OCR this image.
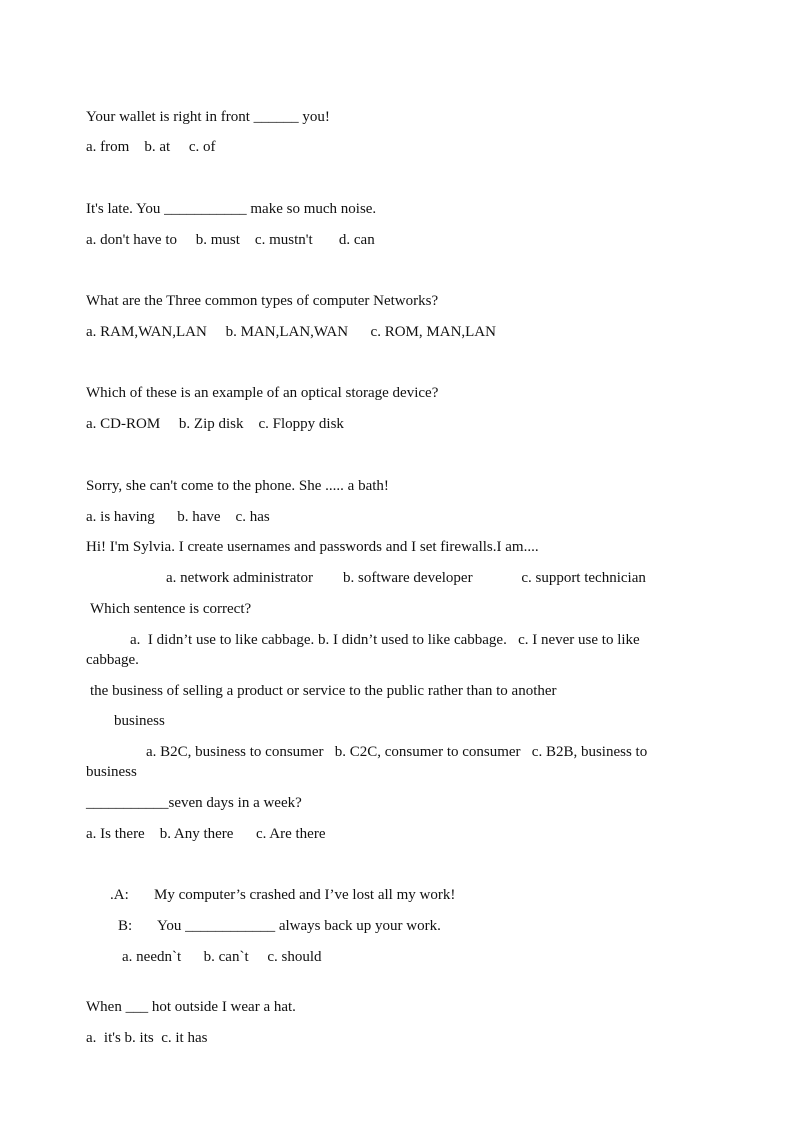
Your wallet is right in front ______ you!

a. from    b. at     c. of

It's late. You ___________ make so much noise.

a. don't have to     b. must    c. mustn't       d. can

What are the Three common types of computer Networks?

a. RAM,WAN,LAN     b. MAN,LAN,WAN      c. ROM, MAN,LAN

Which of these is an example of an optical storage device?

a. CD-ROM     b. Zip disk    c. Floppy disk

Sorry, she can't come to the phone. She ..... a bath!

a. is having      b. have    c. has

Hi! I'm Sylvia. I create usernames and passwords and I set firewalls.I am....

a. network administrator        b. software developer             c. support technician

Which sentence is correct?

a.  I didn’t use to like cabbage. b. I didn’t used to like cabbage.   c. I never use to like

cabbage.

the business of selling a product or service to the public rather than to another

business

a. B2C, business to consumer   b. C2C, consumer to consumer   c. B2B, business to

business

___________seven days in a week?

a. Is there    b. Any there      c. Are there

.A: My computer’s crashed and I’ve lost all my work!

B: You ____________ always back up your work.

a. needn`t      b. can`t     c. should

When ___ hot outside I wear a hat.

a.  it's b. its  c. it has
